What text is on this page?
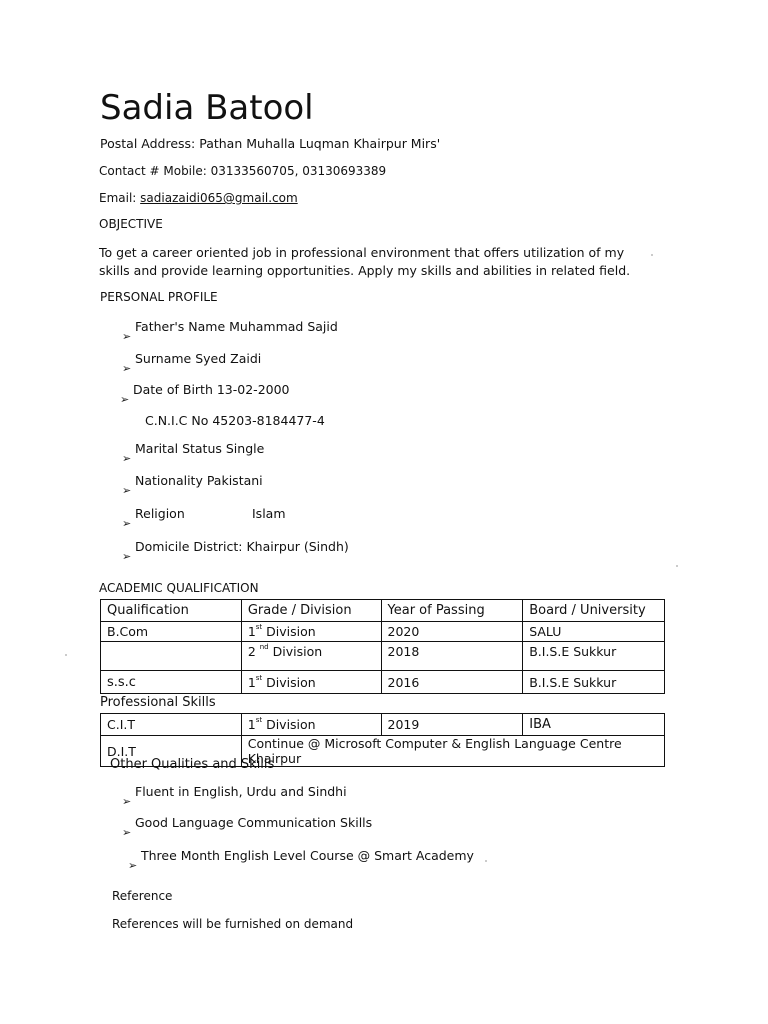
Sadia Batool
Postal Address: Pathan Muhalla Luqman Khairpur Mirs'
Contact # Mobile: 03133560705, 03130693389
Email: sadiazaidi065@gmail.com
OBJECTIVE
To get a career oriented job in professional environment that offers utilization of my skills and provide learning opportunities. Apply my skills and abilities in related field.
PERSONAL PROFILE
➢
Father's Name Muhammad Sajid
➢
Surname Syed Zaidi
➢
Date of Birth 13-02-2000
C.N.I.C No 45203-8184477-4
➢
Marital Status Single
➢
Nationality Pakistani
➢
Religion	Islam
➢
Domicile District: Khairpur (Sindh)
ACADEMIC QUALIFICATION
Qualification	Grade / Division	Year of Passing	Board / University
B.Com	1st Division	2020	SALU
	2 $^{nd}$ Division	2018	B.I.S.E Sukkur
s.s.c	1st Division	2016	B.I.S.E Sukkur
Professional Skills
C.I.T	1st Division	2019	IBA
D.I.T	Continue @ Microsoft Computer & English Language Centre Khairpur		
Other Qualities and Skills
➢
Fluent in English, Urdu and Sindhi
➢
Good Language Communication Skills
➢
Three Month English Level Course @ Smart Academy
Reference
References will be furnished on demand
